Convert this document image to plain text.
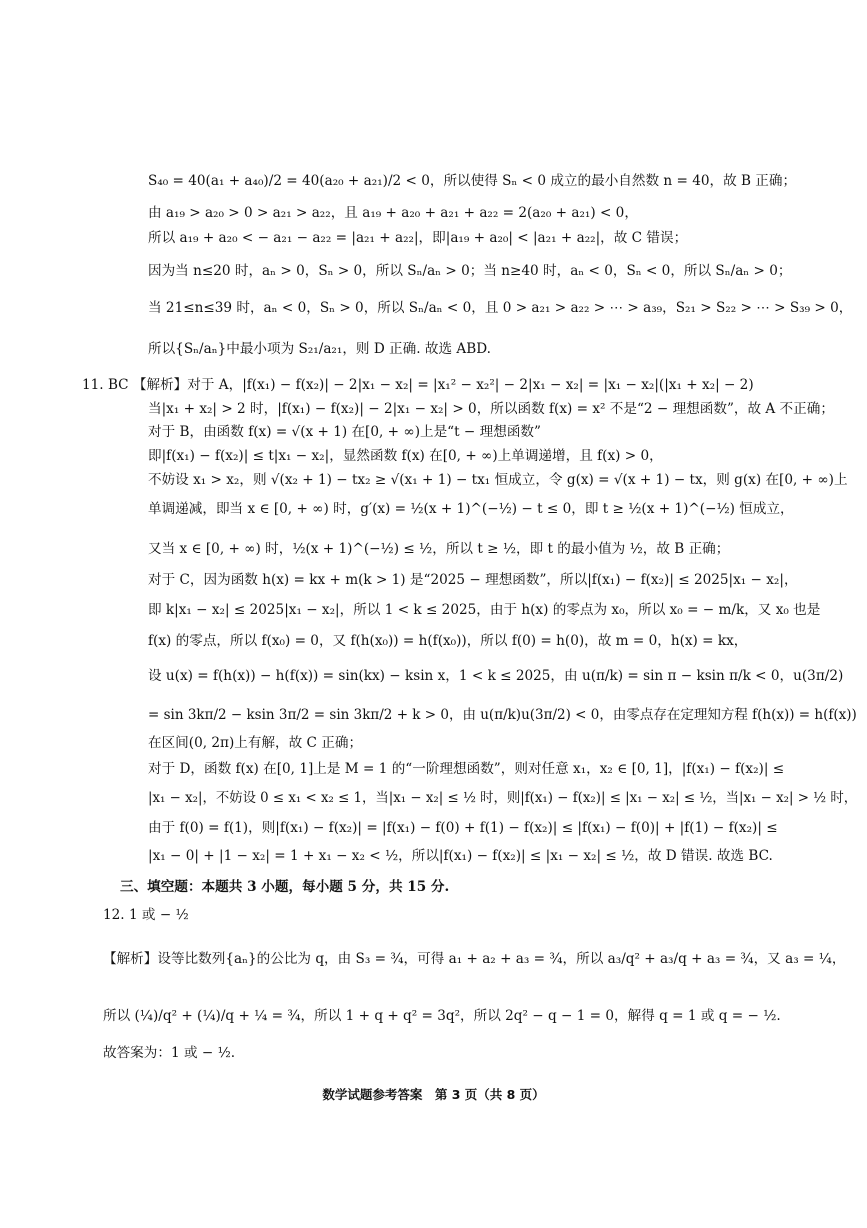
S₄₀ = 40(a₁ + a₄₀)/2 = 40(a₂₀ + a₂₁)/2 < 0，所以使得 Sₙ < 0 成立的最小自然数 n = 40，故 B 正确；
由 a₁₉ > a₂₀ > 0 > a₂₁ > a₂₂，且 a₁₉ + a₂₀ + a₂₁ + a₂₂ = 2(a₂₀ + a₂₁) < 0，
所以 a₁₉ + a₂₀ < − a₂₁ − a₂₂ = |a₂₁ + a₂₂|，即|a₁₉ + a₂₀| < |a₂₁ + a₂₂|，故 C 错误；
因为当 n≤20 时，aₙ > 0，Sₙ > 0，所以 Sₙ/aₙ > 0；当 n≥40 时，aₙ < 0，Sₙ < 0，所以 Sₙ/aₙ > 0；
当 21≤n≤39 时，aₙ < 0，Sₙ > 0，所以 Sₙ/aₙ < 0，且 0 > a₂₁ > a₂₂ > ⋯ > a₃₉，S₂₁ > S₂₂ > ⋯ > S₃₉ > 0，
所以{Sₙ/aₙ}中最小项为 S₂₁/a₂₁，则 D 正确. 故选 ABD.
11. BC 【解析】对于 A，|f(x₁) − f(x₂)| − 2|x₁ − x₂| = |x₁² − x₂²| − 2|x₁ − x₂| = |x₁ − x₂|(|x₁ + x₂| − 2)
当|x₁ + x₂| > 2 时，|f(x₁) − f(x₂)| − 2|x₁ − x₂| > 0，所以函数 f(x) = x² 不是“2 − 理想函数”，故 A 不正确；
对于 B，由函数 f(x) = √(x + 1) 在[0, + ∞)上是“t − 理想函数”
即|f(x₁) − f(x₂)| ≤ t|x₁ − x₂|，显然函数 f(x) 在[0, + ∞)上单调递增，且 f(x) > 0，
不妨设 x₁ > x₂，则 √(x₂ + 1) − tx₂ ≥ √(x₁ + 1) − tx₁ 恒成立，令 g(x) = √(x + 1) − tx，则 g(x) 在[0, + ∞)上
单调递减，即当 x ∈ [0, + ∞) 时，g′(x) = ½(x + 1)^(−½) − t ≤ 0，即 t ≥ ½(x + 1)^(−½) 恒成立，
又当 x ∈ [0, + ∞) 时，½(x + 1)^(−½) ≤ ½，所以 t ≥ ½，即 t 的最小值为 ½，故 B 正确；
对于 C，因为函数 h(x) = kx + m(k > 1) 是“2025 − 理想函数”，所以|f(x₁) − f(x₂)| ≤ 2025|x₁ − x₂|，
即 k|x₁ − x₂| ≤ 2025|x₁ − x₂|，所以 1 < k ≤ 2025，由于 h(x) 的零点为 x₀，所以 x₀ = − m/k，又 x₀ 也是
f(x) 的零点，所以 f(x₀) = 0，又 f(h(x₀)) = h(f(x₀))，所以 f(0) = h(0)，故 m = 0，h(x) = kx，
设 u(x) = f(h(x)) − h(f(x)) = sin(kx) − ksin x，1 < k ≤ 2025，由 u(π/k) = sin π − ksin π/k < 0，u(3π/2)
= sin 3kπ/2 − ksin 3π/2 = sin 3kπ/2 + k > 0，由 u(π/k)u(3π/2) < 0，由零点存在定理知方程 f(h(x)) = h(f(x))
在区间(0, 2π)上有解，故 C 正确；
对于 D，函数 f(x) 在[0, 1]上是 M = 1 的“一阶理想函数”，则对任意 x₁，x₂ ∈ [0, 1]，|f(x₁) − f(x₂)| ≤
|x₁ − x₂|，不妨设 0 ≤ x₁ < x₂ ≤ 1，当|x₁ − x₂| ≤ ½ 时，则|f(x₁) − f(x₂)| ≤ |x₁ − x₂| ≤ ½，当|x₁ − x₂| > ½ 时，
由于 f(0) = f(1)，则|f(x₁) − f(x₂)| = |f(x₁) − f(0) + f(1) − f(x₂)| ≤ |f(x₁) − f(0)| + |f(1) − f(x₂)| ≤
|x₁ − 0| + |1 − x₂| = 1 + x₁ − x₂ < ½，所以|f(x₁) − f(x₂)| ≤ |x₁ − x₂| ≤ ½，故 D 错误. 故选 BC.
三、填空题：本题共 3 小题，每小题 5 分，共 15 分.
12. 1 或 − ½
【解析】设等比数列{aₙ}的公比为 q，由 S₃ = ¾，可得 a₁ + a₂ + a₃ = ¾，所以 a₃/q² + a₃/q + a₃ = ¾，又 a₃ = ¼，
所以 (¼)/q² + (¼)/q + ¼ = ¾，所以 1 + q + q² = 3q²，所以 2q² − q − 1 = 0，解得 q = 1 或 q = − ½.
故答案为：1 或 − ½.
数学试题参考答案　第 3 页（共 8 页）
